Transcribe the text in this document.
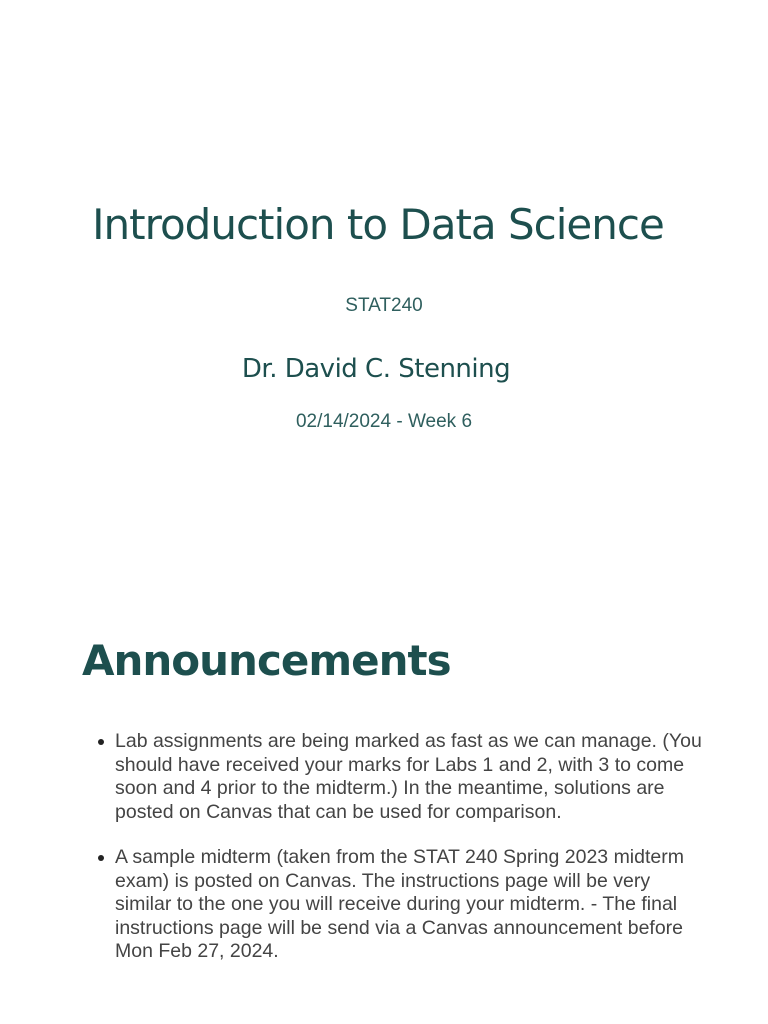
Introduction to Data Science
STAT240
Dr. David C. Stenning
02/14/2024 - Week 6
Announcements
Lab assignments are being marked as fast as we can manage. (You should have received your marks for Labs 1 and 2, with 3 to come soon and 4 prior to the midterm.) In the meantime, solutions are posted on Canvas that can be used for comparison.
A sample midterm (taken from the STAT 240 Spring 2023 midterm exam) is posted on Canvas. The instructions page will be very similar to the one you will receive during your midterm. - The final instructions page will be send via a Canvas announcement before Mon Feb 27, 2024.
